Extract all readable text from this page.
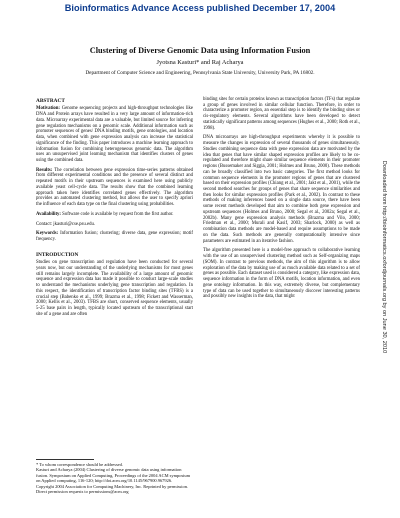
Bioinformatics Advance Access published December 17, 2004
Clustering of Diverse Genomic Data using Information Fusion
Jyotsna Kasturi* and Raj Acharya
Department of Computer Science and Engineering, Pennsylvania State University, University Park, PA 16802.
ABSTRACT

Motivation: Genome sequencing projects and high-throughput technologies like DNA and Protein arrays have resulted in a very large amount of information-rich data. Microarray experimental data are a valuable, but limited source for inferring gene regulation mechanisms on a genomic scale. Additional information such as promoter sequences of genes/ DNA binding motifs, gene ontologies, and location data, when combined with gene expression analysis can increase the statistical significance of the finding. This paper introduces a machine learning approach to information fusion for combining heterogeneous genomic data. The algorithm uses an unsupervised joint learning mechanism that identifies clusters of genes using the combined data.

Results: The correlation between gene expression time-series patterns obtained from different experimental conditions and the presence of several distinct and repeated motifs in their upstream sequences is examined here using publicly available yeast cell-cycle data. The results show that the combined learning approach taken here identifies correlated genes effectively. The algorithm provides an automated clustering method, but allows the user to specify apriori the influence of each data type on the final clustering using probabilities.

Availability: Software code is available by request from the first author.

Contact: jkasturi@cse.psu.edu.

Keywords: Information fusion; clustering; diverse data, gene expression; motif frequency.

INTRODUCTION

Studies on gene transcription and regulation have been conducted for several years now, but our understanding of the underlying mechanisms for most genes still remains largely incomplete. The availability of a large amount of genomic sequence and expression data has made it possible to conduct large-scale studies to understand the mechanisms underlying gene transcription and regulation. In this respect, the identification of transcription factor binding sites (TFBS) is a crucial step (Babenko et al., 1999; Brazma et al., 1998; Fickett and Wasserman, 2000; Kellis et al., 2003). TFBS are short, conserved sequence elements, usually 5-25 base pairs in length, typically located upstream of the transcriptional start site of a gene and are often

* To whom correspondence should be addressed.
Kasturi and Acharya (2004) Clustering of diverse genomic data using information fusion. Symposium on Applied Computing, Proceedings of the 2004 ACM symposium on Applied computing, 116-120; http://doi.acm.org/10.1145/967900.967926.
Copyright 2004 Association for Computing Machinery, Inc. Reprinted by permission. Direct permission requests to permissions@acm.org

binding sites for certain proteins known as transcription factors (TFs) that regulate a group of genes involved in similar cellular function. Therefore, in order to characterize a promoter region, an essential step is to identify the binding sites or cis-regulatory elements. Several algorithms have been developed to detect statistically significant patterns among sequences (Hughes et al., 2000; Roth et al., 1998).

DNA microarrays are high-throughput experiments whereby it is possible to measure the changes in expression of several thousands of genes simultaneously. Studies combining sequence data with gene expression data are motivated by the idea that genes that have similar shaped expression profiles are likely to be co-regulated and therefore might share similar sequence elements in their promoter regions (Bussemaker and Siggia, 2001; Holmes and Bruno, 2000). These methods can be broadly classified into two basic categories. The first method looks for common sequence elements in the promoter regions of genes that are clustered based on their expression profiles (Chiang et al., 2001; Jakt et al., 2001), while the second method searches for groups of genes that share sequence similarities and then looks for similar expression profiles (Park et al., 2002). In contrast to these methods of making inferences based on a single data source, there have been some recent methods developed that aim to combine both gene expression and upstream sequences (Holmes and Bruno, 2000; Segal et al., 2002a; Segal et al., 2002b). Many gene expression analysis methods (Brazma and Vilo, 2000; Friedman et al., 2000; Murali and Kasif, 2003; Sharlock, 2000) as well as combination data methods are model-based and require assumptions to be made on the data. Such methods are generally computationally intensive since parameters are estimated in an iterative fashion.

The algorithm presented here is a model-free approach to collaborative learning with the use of an unsupervised clustering method such as Self-organizing maps (SOM). In contrast to previous methods, the aim of this algorithm is to allow exploration of the data by making use of as much available data related to a set of genes as possible. Each dataset used is considered a category, like expression data, sequence information in the form of DNA motifs, location information, and even gene ontology information. In this way, extremely diverse, but complementary type of data can be used together to simultaneously discover interesting patterns and possibly new insights in the data, that might	Downloaded from http://bioinformatics.oxfordjournals.org by on June 30, 2010
